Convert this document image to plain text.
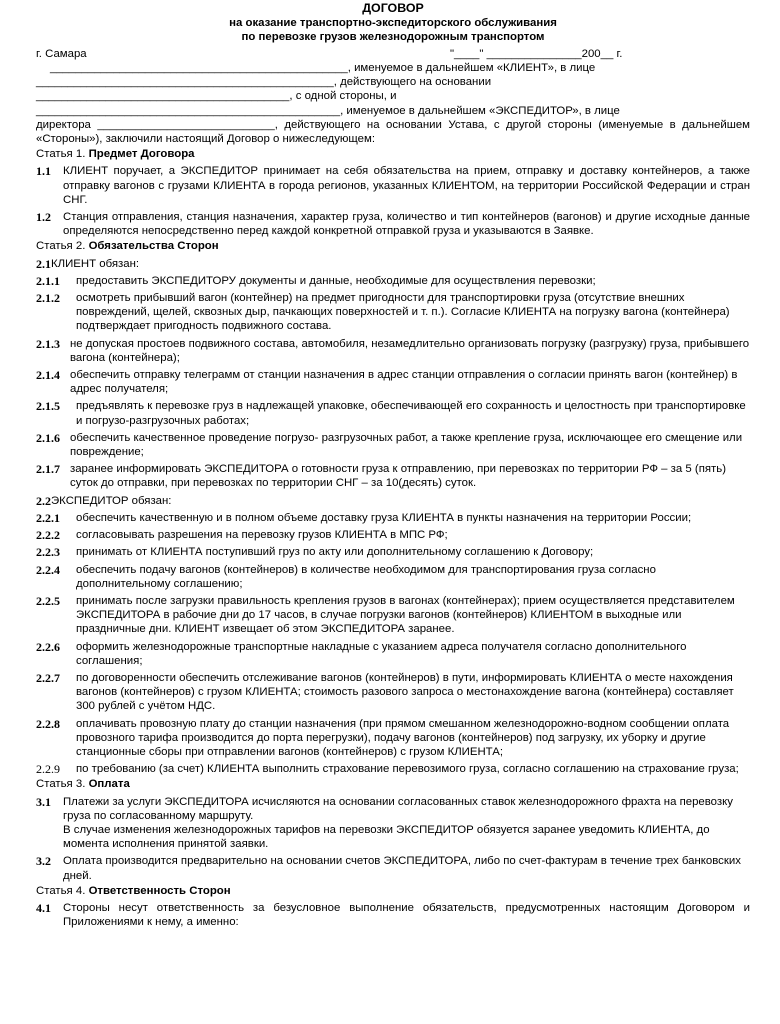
ДОГОВОР
на оказание транспортно-экспедиторского обслуживания
по перевозке грузов железнодорожным транспортом
г. Самара	"____" _______________200__ г.
_______________________________________________, именуемое в дальнейшем «КЛИЕНТ», в лице
_______________________________________________, действующего на основании
________________________________________, с одной стороны, и
________________________________________________, именуемое в дальнейшем «ЭКСПЕДИТОР», в лице
директора ____________________________, действующего на основании Устава, с другой стороны (именуемые в дальнейшем «Стороны»), заключили настоящий Договор о нижеследующем:
Статья 1. Предмет Договора
1.1	КЛИЕНТ поручает, а ЭКСПЕДИТОР принимает на себя обязательства на прием, отправку и доставку контейнеров, а также отправку вагонов с грузами КЛИЕНТА в города регионов, указанных КЛИЕНТОМ, на территории Российской Федерации и стран СНГ.
1.2	Станция отправления, станция назначения, характер груза, количество и тип контейнеров (вагонов) и другие исходные данные определяются непосредственно перед каждой конкретной отправкой груза и указываются в Заявке.
Статья 2. Обязательства Сторон
2.1 КЛИЕНТ обязан:
2.1.1	предоставить ЭКСПЕДИТОРУ документы и данные, необходимые для осуществления перевозки;
2.1.2	осмотреть прибывший вагон (контейнер) на предмет пригодности для транспортировки груза (отсутствие внешних повреждений, щелей, сквозных дыр, пачкающих поверхностей и т. п.). Согласие КЛИЕНТА на погрузку вагона (контейнера) подтверждает пригодность подвижного состава.
2.1.3 не допуская простоев подвижного состава, автомобиля, незамедлительно организовать погрузку (разгрузку) груза, прибывшего вагона (контейнера);
2.1.4 обеспечить отправку телеграмм от станции назначения в адрес станции отправления о согласии принять вагон (контейнер) в адрес получателя;
2.1.5	предъявлять к перевозке груз в надлежащей упаковке, обеспечивающей его сохранность и целостность при транспортировке и погрузо-разгрузочных работах;
2.1.6 обеспечить качественное проведение погрузо- разгрузочных работ, а также крепление груза, исключающее его смещение или повреждение;
2.1.7 заранее информировать ЭКСПЕДИТОРА о готовности груза к отправлению, при перевозках по территории РФ – за 5 (пять) суток до отправки, при перевозках по территории СНГ – за 10(десять) суток.
2.2 ЭКСПЕДИТОР обязан:
2.2.1	обеспечить качественную и в полном объеме доставку груза КЛИЕНТА в пункты назначения на территории России;
2.2.2	согласовывать разрешения на перевозку грузов КЛИЕНТА в МПС РФ;
2.2.3	принимать от КЛИЕНТА поступивший груз по акту или дополнительному соглашению к Договору;
2.2.4	обеспечить подачу вагонов (контейнеров) в количестве необходимом для транспортирования груза согласно дополнительному соглашению;
2.2.5	принимать после загрузки правильность крепления грузов в вагонах (контейнерах); прием осуществляется представителем ЭКСПЕДИТОРА в рабочие дни до 17 часов, в случае погрузки вагонов (контейнеров) КЛИЕНТОМ в выходные или праздничные дни. КЛИЕНТ извещает об этом ЭКСПЕДИТОРА заранее.
2.2.6	оформить железнодорожные транспортные накладные с указанием адреса получателя согласно дополнительного соглашения;
2.2.7	по договоренности обеспечить отслеживание вагонов (контейнеров) в пути, информировать КЛИЕНТА о месте нахождения вагонов (контейнеров) с грузом КЛИЕНТА; стоимость разового запроса о местонахождение вагона (контейнера) составляет 300 рублей с учётом НДС.
2.2.8	оплачивать провозную плату до станции назначения (при прямом смешанном железнодорожно-водном сообщении оплата провозного тарифа производится до порта перегрузки), подачу вагонов (контейнеров) под загрузку, их уборку и другие станционные сборы при отправлении вагонов (контейнеров) с грузом КЛИЕНТА;
2.2.9	по требованию (за счет) КЛИЕНТА выполнить страхование перевозимого груза, согласно соглашению на страхование груза;
Статья 3. Оплата
3.1	Платежи за услуги ЭКСПЕДИТОРА исчисляются на основании согласованных ставок железнодорожного фрахта на перевозку груза по согласованному маршруту.
В случае изменения железнодорожных тарифов на перевозки ЭКСПЕДИТОР обязуется заранее уведомить КЛИЕНТА, до момента исполнения принятой заявки.
3.2	Оплата производится предварительно на основании счетов ЭКСПЕДИТОРА, либо по счет-фактурам в течение трех банковских дней.
Статья 4. Ответственность Сторон
4.1	Стороны несут ответственность за безусловное выполнение обязательств, предусмотренных настоящим Договором и Приложениями к нему, а именно:
